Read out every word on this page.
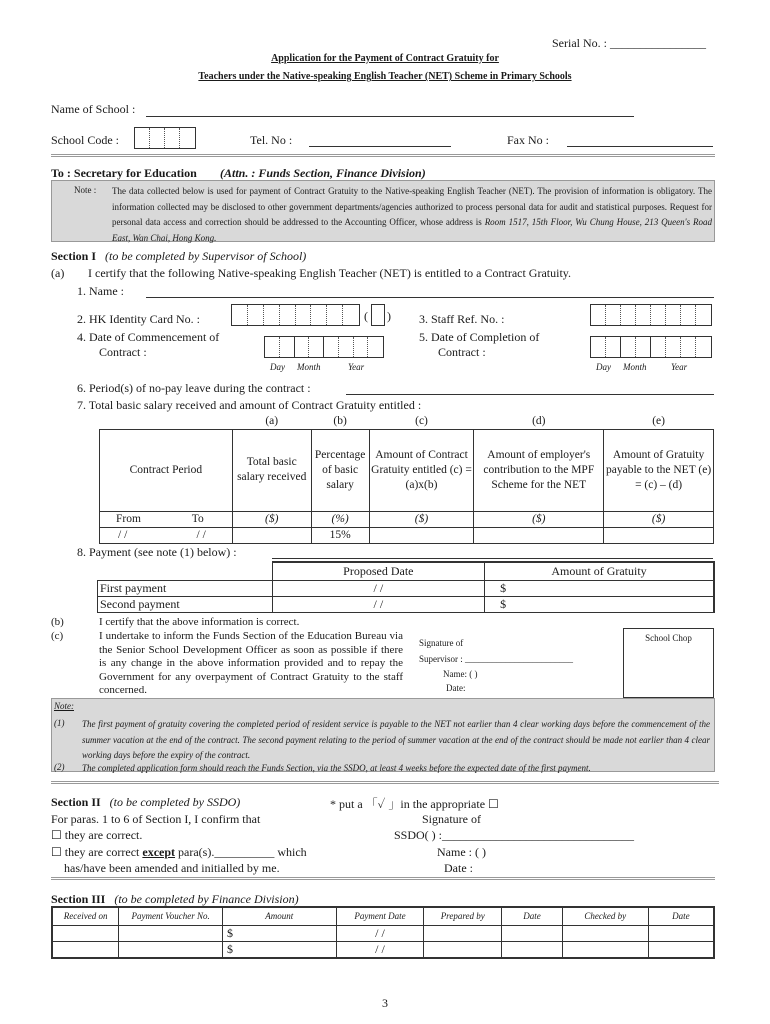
Serial No. : ________________
Application for the Payment of Contract Gratuity for
Teachers under the Native-speaking English Teacher (NET) Scheme in Primary Schools
Name of School :
School Code :	Tel. No :	Fax No :
To : Secretary for Education (Attn. : Funds Section, Finance Division)
Note : The data collected below is used for payment of Contract Gratuity to the Native-speaking English Teacher (NET). The provision of information is obligatory. The information collected may be disclosed to other government departments/agencies authorized to process personal data for audit and statistical purposes. Request for personal data access and correction should be addressed to the Accounting Officer, whose address is Room 1517, 15th Floor, Wu Chung House, 213 Queen's Road East, Wan Chai, Hong Kong.
Section I (to be completed by Supervisor of School)
(a) I certify that the following Native-speaking English Teacher (NET) is entitled to a Contract Gratuity.
1. Name :
2. HK Identity Card No. :	( ) 3. Staff Ref. No. :
4. Date of Commencement of
Contract :
Day Month	Year
5. Date of Completion of
Contract :
Day Month	Year
6. Period(s) of no-pay leave during the contract :
7. Total basic salary received and amount of Contract Gratuity entitled :
	(a)	(b)	(c)	(d)	(e)
Contract Period	Total basic salary received	Percentage of basic salary	Amount of Contract Gratuity entitled (c) = (a)x(b)	Amount of employer's contribution to the MPF Scheme for the NET	Amount of Gratuity payable to the NET (e) = (c) – (d)
From To	($)	(%)	($)	($)	($)
/ / / /		15%			
8. Payment (see note (1) below) :
	Proposed Date	Amount of Gratuity
First payment	/ /	$
Second payment	/ /	$
(b)	I certify that the above information is correct.
(c)	I undertake to inform the Funds Section of the Education Bureau via the Senior School Development Officer as soon as possible if there is any change in the above information provided and to repay the Government for any overpayment of Contract Gratuity to the staff concerned.
Signature of
Supervisor : ________________________
Name: ( )
Date:
School Chop
Note:
(1) The first payment of gratuity covering the completed period of resident service is payable to the NET not earlier than 4 clear working days before the commencement of the summer vacation at the end of the contract. The second payment relating to the period of summer vacation at the end of the contract should be made not earlier than 4 clear working days before the expiry of the contract.
(2) The completed application form should reach the Funds Section, via the SSDO, at least 4 weeks before the expected date of the first payment.
Section II (to be completed by SSDO)	* put a 「✓ 」in the appropriate ☐
For paras. 1 to 6 of Section I, I confirm that
☐ they are correct.
☐ they are correct except para(s).__________ which
has/have been amended and initialled by me.
Signature of
SSDO( ) :________________________________
Name : ( )
Date :
Section III (to be completed by Finance Division)
Received on	Payment Voucher No.	Amount	Payment Date	Prepared by	Date	Checked by	Date
		$	/ /				
		$	/ /				
3
